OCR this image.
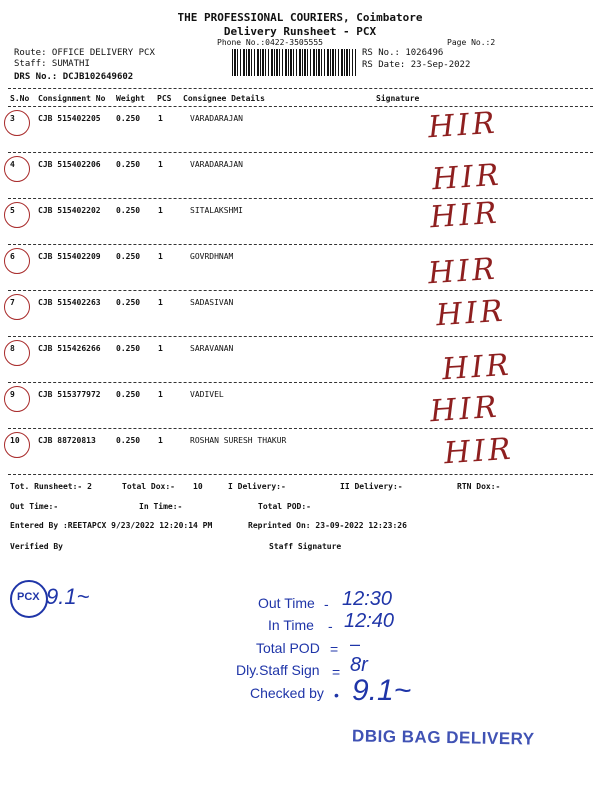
THE PROFESSIONAL COURIERS, Coimbatore
Delivery Runsheet - PCX
Phone No.:0422-3505555	Page No.:2
Route: OFFICE DELIVERY PCX
Staff: SUMATHI
DRS No.: DCJB102649602
RS No.: 1026496
RS Date: 23-Sep-2022
S.No Consignment No Weight PCS Consignee Details	Signature
3	CJB 515402205 0.250 1	VARADARAJAN	HIR
4	CJB 515402206 0.250 1	VARADARAJAN	HIR
5	CJB 515402202 0.250 1	SITALAKSHMI	HIR
6	CJB 515402209 0.250 1	GOVRDHNAM	HIR
7	CJB 515402263 0.250 1	SADASIVAN	HIR
8	CJB 515426266 0.250 1	SARAVANAN	HIR
9	CJB 515377972 0.250 1	VADIVEL	HIR
10 CJB 88720813	0.250 1	ROSHAN SURESH THAKUR	HIR
Tot. Runsheet:- 2	Total Dox:- 10	I Delivery:-	II Delivery:-	RTN Dox:-
Out Time:-	In Time:-	Total POD:-
Entered By :REETAPCX 9/23/2022 12:20:14 PM	Reprinted On: 23-09-2022 12:23:26
Verified By	Staff Signature
PCX 9.1~	Out Time - 12:30
In Time - 12:40
Total POD = –
Dly.Staff Sign = 8r
Checked by • 9.1~
DBIG BAG DELIVERY
